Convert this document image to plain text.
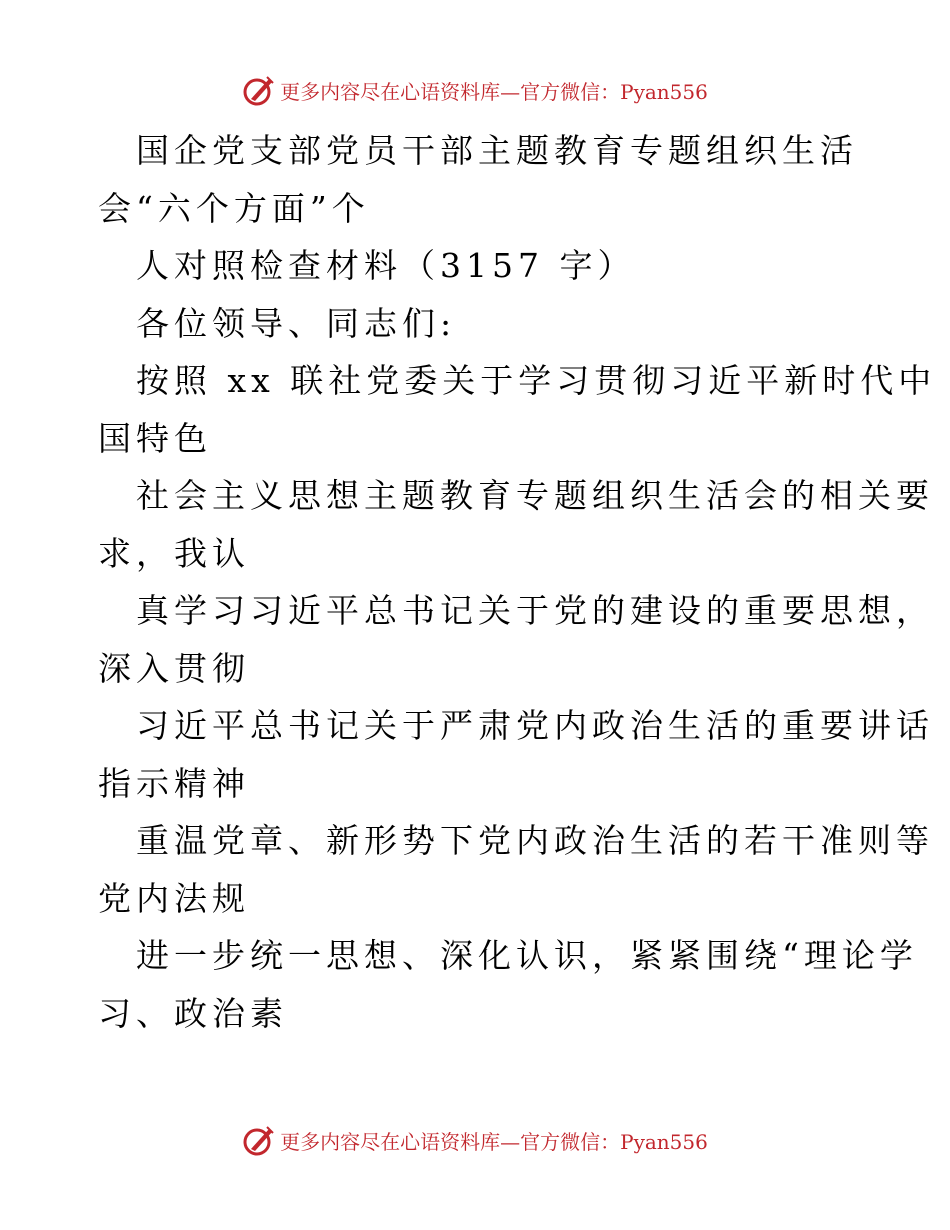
更多内容尽在心语资料库—官方微信：Pyan556
国企党支部党员干部主题教育专题组织生活
会“六个方面”个
人对照检查材料（3157 字）
各位领导、同志们:
按照 xx 联社党委关于学习贯彻习近平新时代中
国特色
社会主义思想主题教育专题组织生活会的相关要
求，我认
真学习习近平总书记关于党的建设的重要思想，
深入贯彻
习近平总书记关于严肃党内政治生活的重要讲话
指示精神
重温党章、新形势下党内政治生活的若干准则等
党内法规
进一步统一思想、深化认识，紧紧围绕“理论学
习、政治素
更多内容尽在心语资料库—官方微信：Pyan556
